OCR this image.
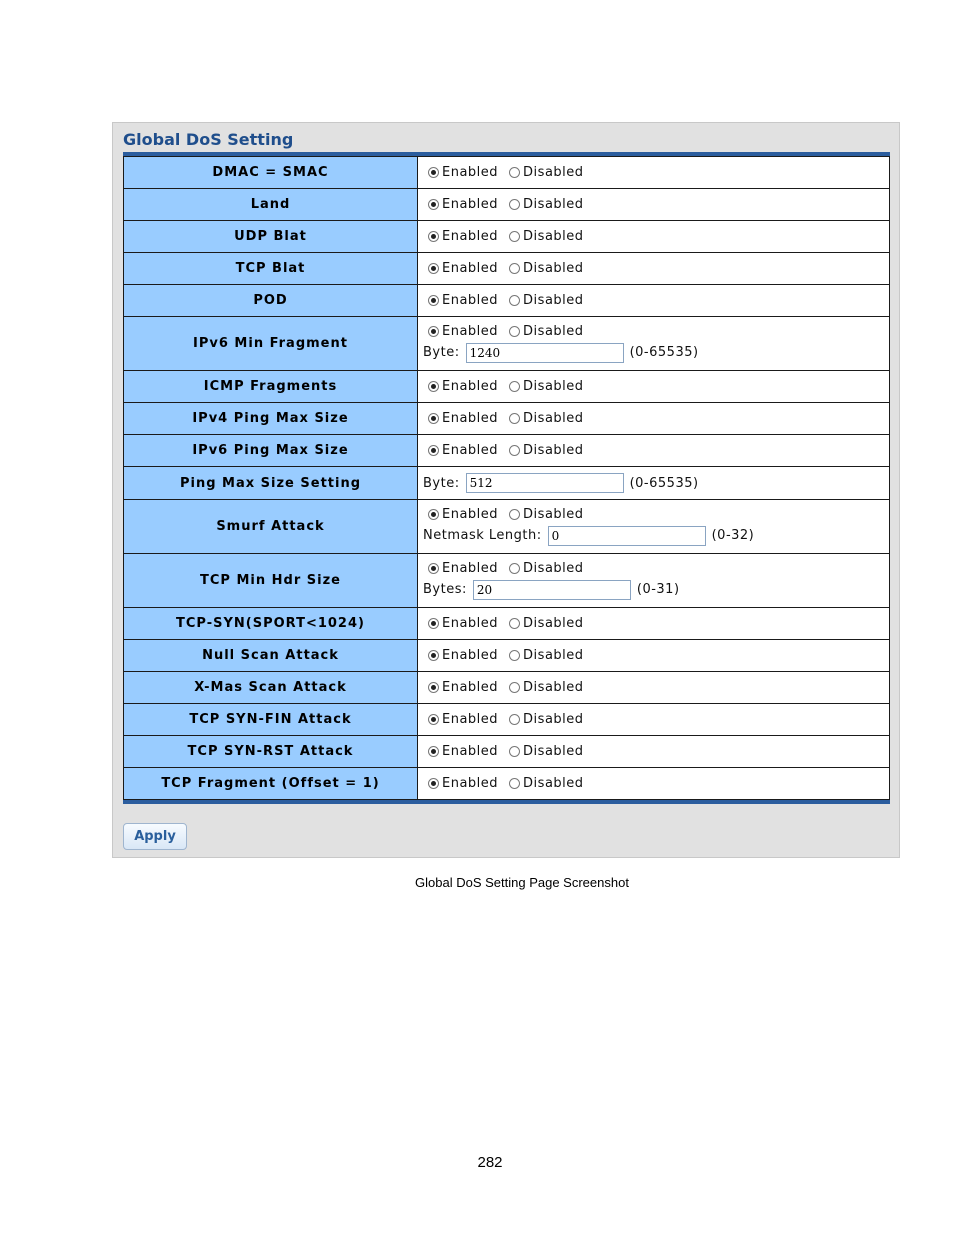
Global DoS Setting
DMAC = SMAC	Enabled Disabled

Land	Enabled Disabled

UDP Blat	Enabled Disabled

TCP Blat	Enabled Disabled

POD	Enabled Disabled

IPv6 Min Fragment	Enabled Disabled
Byte:
1240 (0-65535)

ICMP Fragments	Enabled Disabled

IPv4 Ping Max Size	Enabled Disabled

IPv6 Ping Max Size	Enabled Disabled

Ping Max Size Setting	Byte:
512 (0-65535)

Smurf Attack	Enabled Disabled
Netmask Length:
0 (0-32)

TCP Min Hdr Size	Enabled Disabled
Bytes:
20 (0-31)

TCP-SYN(SPORT<1024)	Enabled Disabled

Null Scan Attack	Enabled Disabled

X-Mas Scan Attack	Enabled Disabled

TCP SYN-FIN Attack	Enabled Disabled

TCP SYN-RST Attack	Enabled Disabled

TCP Fragment (Offset = 1)	Enabled Disabled
Apply
Global DoS Setting Page Screenshot
282
